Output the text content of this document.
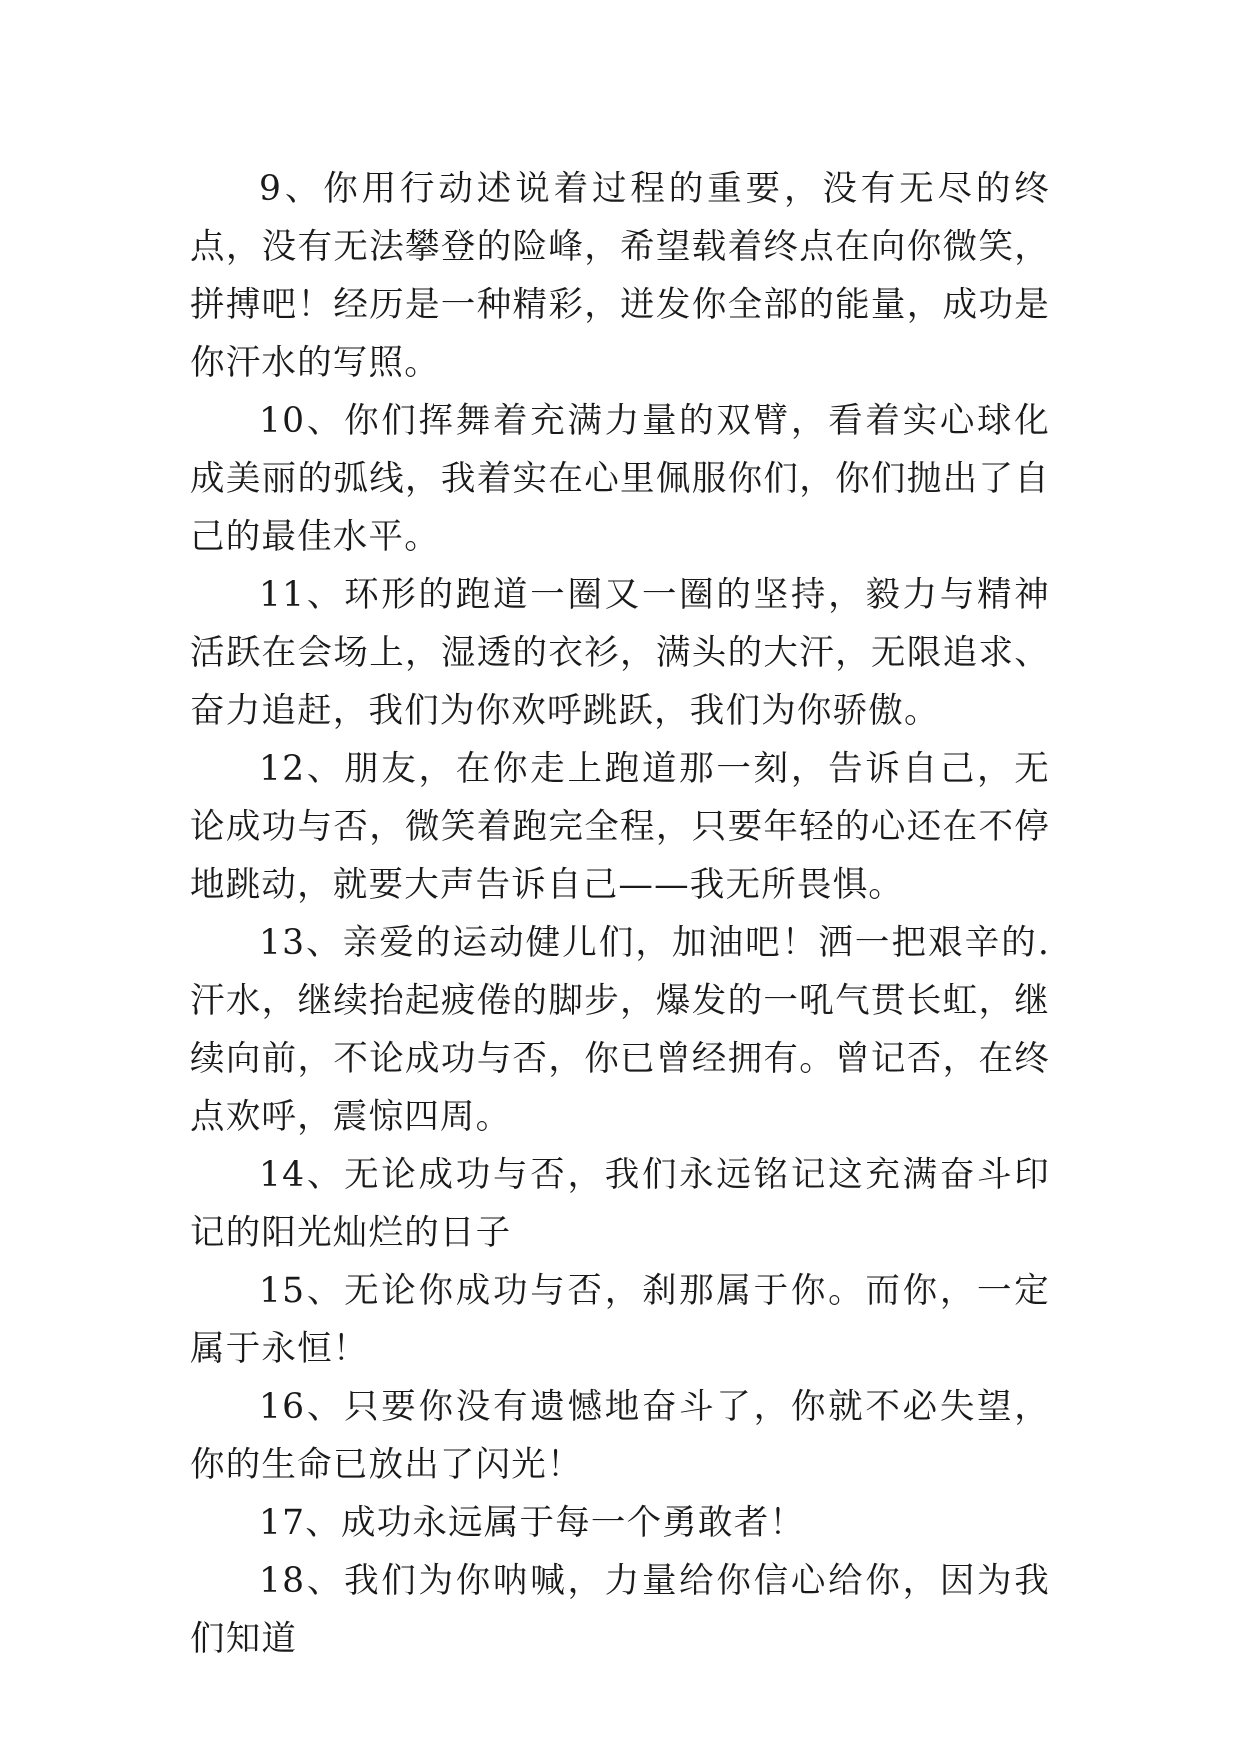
9、你用行动述说着过程的重要，没有无尽的终点，没有无法攀登的险峰，希望载着终点在向你微笑，拼搏吧！经历是一种精彩，迸发你全部的能量，成功是你汗水的写照。

10、你们挥舞着充满力量的双臂，看着实心球化成美丽的弧线，我着实在心里佩服你们，你们抛出了自己的最佳水平。

11、环形的跑道一圈又一圈的坚持，毅力与精神活跃在会场上，湿透的衣衫，满头的大汗，无限追求、奋力追赶，我们为你欢呼跳跃，我们为你骄傲。

12、朋友，在你走上跑道那一刻，告诉自己，无论成功与否，微笑着跑完全程，只要年轻的心还在不停地跳动，就要大声告诉自己——我无所畏惧。

13、亲爱的运动健儿们，加油吧！洒一把艰辛的.汗水，继续抬起疲倦的脚步，爆发的一吼气贯长虹，继续向前，不论成功与否，你已曾经拥有。曾记否，在终点欢呼，震惊四周。

14、无论成功与否，我们永远铭记这充满奋斗印记的阳光灿烂的日子

15、无论你成功与否，刹那属于你。而你，一定属于永恒！

16、只要你没有遗憾地奋斗了，你就不必失望，你的生命已放出了闪光！

17、成功永远属于每一个勇敢者！

18、我们为你呐喊，力量给你信心给你，因为我们知道
